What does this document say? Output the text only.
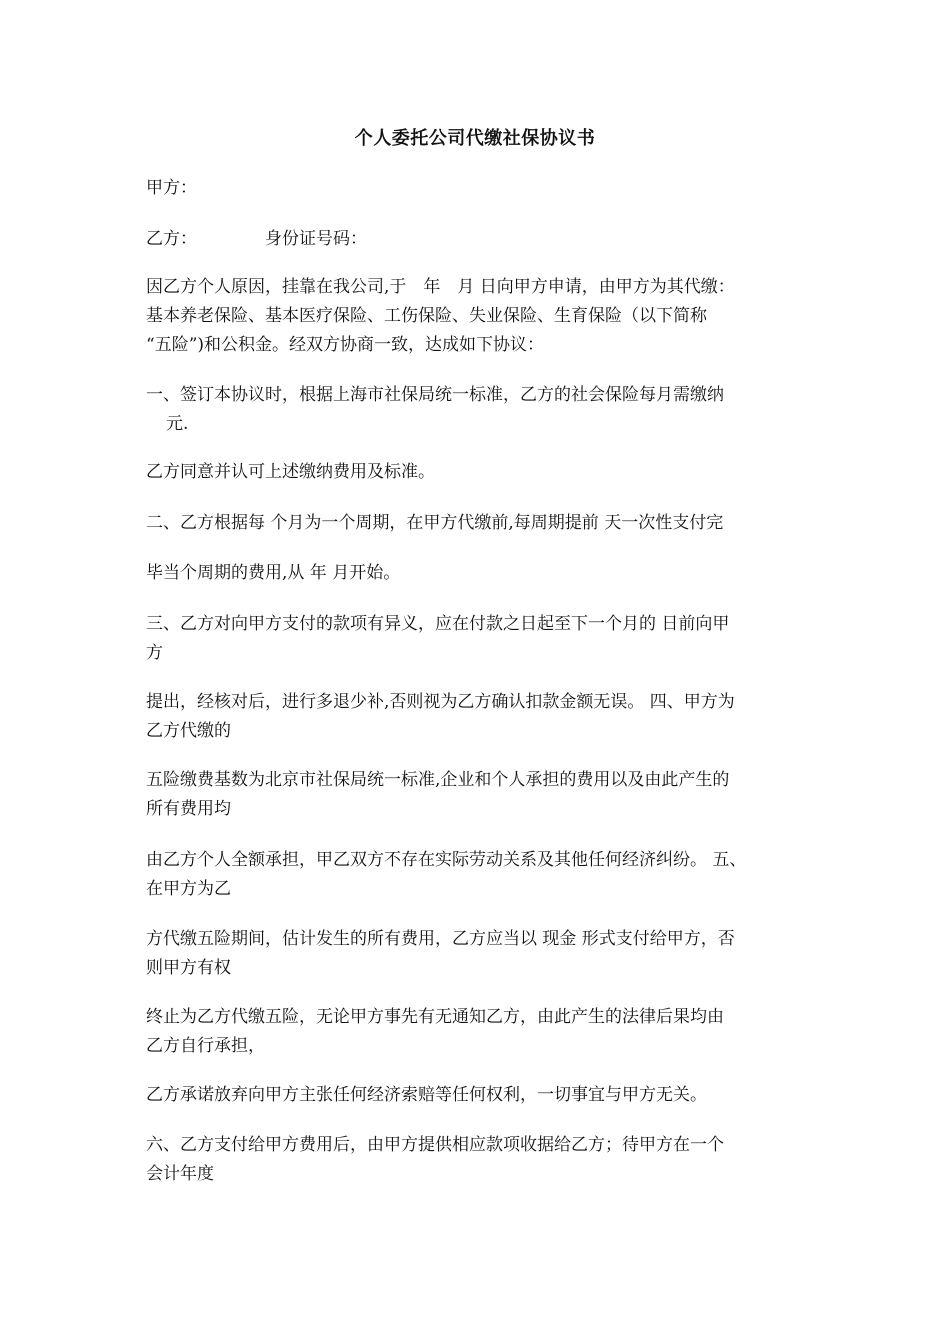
个人委托公司代缴社保协议书
甲方：
乙方：	身份证号码：
因乙方个人原因，挂靠在我公司,于　年　月 日向甲方申请，由甲方为其代缴：
基本养老保险、基本医疗保险、工伤保险、失业保险、生育保险（以下简称
“五险”)和公积金。经双方协商一致，达成如下协议：
一、签订本协议时，根据上海市社保局统一标准，乙方的社会保险每月需缴纳
元.
乙方同意并认可上述缴纳费用及标准。
二、乙方根据每 个月为一个周期，在甲方代缴前,每周期提前 天一次性支付完
毕当个周期的费用,从 年 月开始。
三、乙方对向甲方支付的款项有异义，应在付款之日起至下一个月的 日前向甲
方
提出，经核对后，进行多退少补,否则视为乙方确认扣款金额无误。 四、甲方为
乙方代缴的
五险缴费基数为北京市社保局统一标准,企业和个人承担的费用以及由此产生的
所有费用均
由乙方个人全额承担，甲乙双方不存在实际劳动关系及其他任何经济纠纷。 五、
在甲方为乙
方代缴五险期间，估计发生的所有费用，乙方应当以 现金 形式支付给甲方，否
则甲方有权
终止为乙方代缴五险，无论甲方事先有无通知乙方，由此产生的法律后果均由
乙方自行承担，
乙方承诺放弃向甲方主张任何经济索赔等任何权利，一切事宜与甲方无关。
六、乙方支付给甲方费用后，由甲方提供相应款项收据给乙方；待甲方在一个
会计年度
